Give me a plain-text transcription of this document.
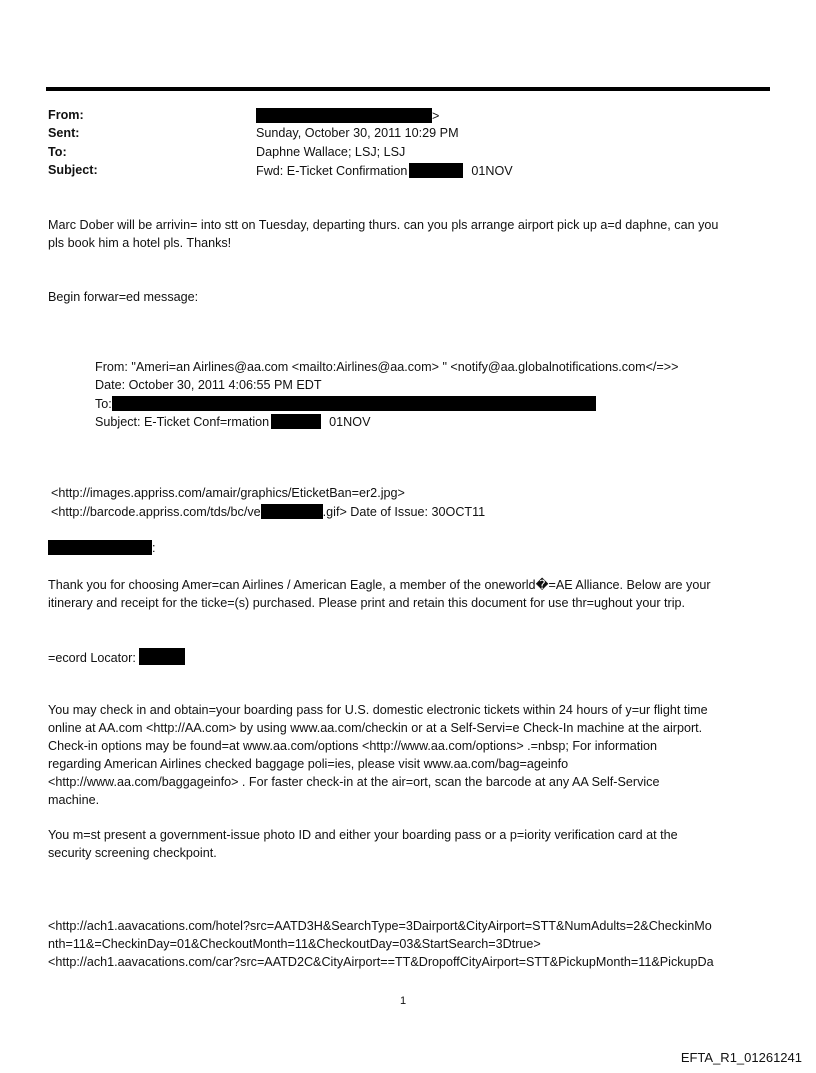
From:	>
Sent:	Sunday, October 30, 2011 10:29 PM
To:	Daphne Wallace; LSJ; LSJ
Subject:	Fwd: E-Ticket Confirmation	01NOV

Marc Dober will be arrivin= into stt on Tuesday, departing thurs. can you pls arrange airport pick up a=d daphne, can you

pls book him a hotel pls. Thanks!

Begin forwar=ed message:
From: "Ameri=an Airlines@aa.com <mailto:Airlines@aa.com> " <notify@aa.globalnotifications.com</=>>
Date: October 30, 2011 4:06:55 PM EDT
To:
Subject: E-Ticket Conf=rmation	01NOV
<http://images.appriss.com/amair/graphics/EticketBan=er2.jpg>
<http://barcode.appriss.com/tds/bc/ve	.gif> Date of Issue: 30OCT11
:

Thank you for choosing Amer=can Airlines / American Eagle, a member of the oneworld�=AE Alliance. Below are your

itinerary and receipt for the ticke=(s) purchased. Please print and retain this document for use thr=ughout your trip.

=ecord Locator:

You may check in and obtain=your boarding pass for U.S. domestic electronic tickets within 24 hours of y=ur flight time

online at AA.com <http://AA.com> by using www.aa.com/checkin or at a Self-Servi=e Check-In machine at the airport.

Check-in options may be found=at www.aa.com/options <http://www.aa.com/options> .=nbsp; For information

regarding American Airlines checked baggage poli=ies, please visit www.aa.com/bag=ageinfo

<http://www.aa.com/baggageinfo> . For faster check-in at the air=ort, scan the barcode at any AA Self-Service

machine.

You m=st present a government-issue photo ID and either your boarding pass or a p=iority verification card at the

security screening checkpoint.

<http://ach1.aavacations.com/hotel?src=AATD3H&SearchType=3Dairport&CityAirport=STT&NumAdults=2&CheckinMo

nth=11&=CheckinDay=01&CheckoutMonth=11&CheckoutDay=03&StartSearch=3Dtrue>

<http://ach1.aavacations.com/car?src=AATD2C&CityAirport==TT&DropoffCityAirport=STT&PickupMonth=11&PickupDa

1
EFTA_R1_01261241
